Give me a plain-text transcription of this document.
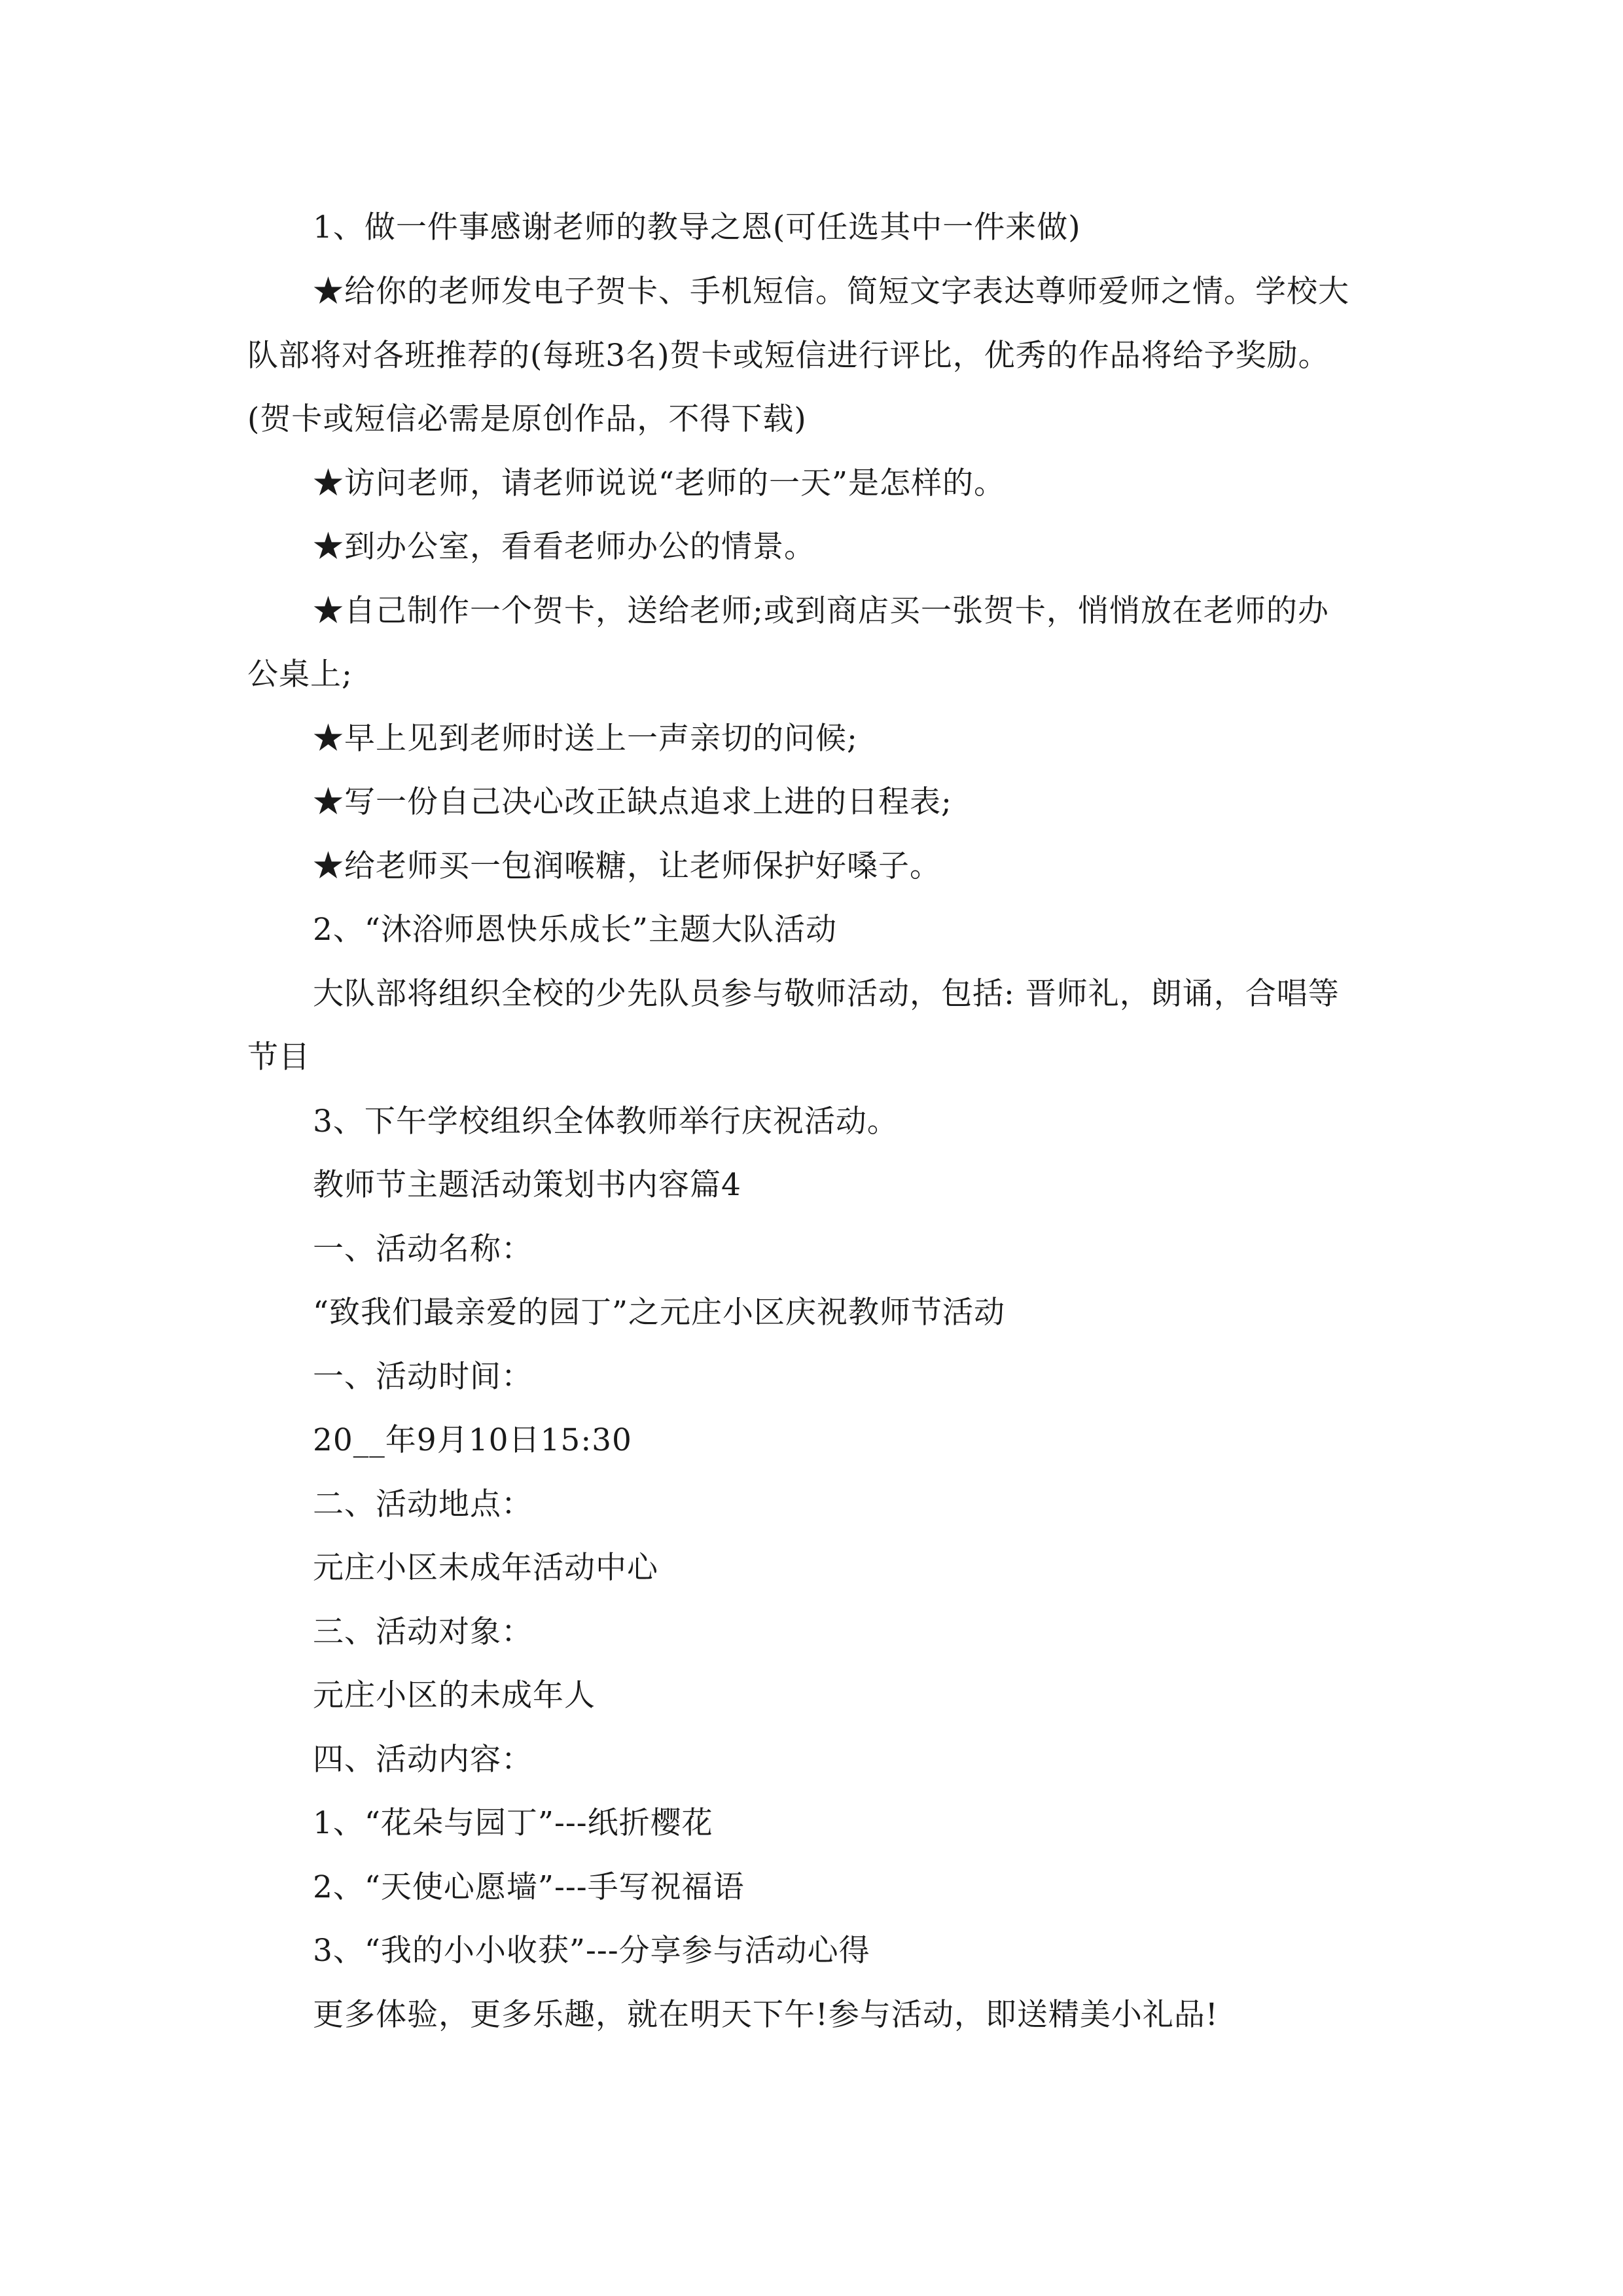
1、做一件事感谢老师的教导之恩(可任选其中一件来做)
★给你的老师发电子贺卡、手机短信。简短文字表达尊师爱师之情。学校大
队部将对各班推荐的(每班3名)贺卡或短信进行评比，优秀的作品将给予奖励。
(贺卡或短信必需是原创作品，不得下载)
★访问老师，请老师说说“老师的一天”是怎样的。
★到办公室，看看老师办公的情景。
★自己制作一个贺卡，送给老师;或到商店买一张贺卡，悄悄放在老师的办
公桌上;
★早上见到老师时送上一声亲切的问候;
★写一份自己决心改正缺点追求上进的日程表;
★给老师买一包润喉糖，让老师保护好嗓子。
2、“沐浴师恩快乐成长”主题大队活动
大队部将组织全校的少先队员参与敬师活动，包括: 晋师礼，朗诵，合唱等
节目
3、下午学校组织全体教师举行庆祝活动。
教师节主题活动策划书内容篇4
一、活动名称：
“致我们最亲爱的园丁”之元庄小区庆祝教师节活动
一、活动时间：
20__年9月10日15:30
二、活动地点：
元庄小区未成年活动中心
三、活动对象：
元庄小区的未成年人
四、活动内容：
1、“花朵与园丁”---纸折樱花
2、“天使心愿墙”---手写祝福语
3、“我的小小收获”---分享参与活动心得
更多体验，更多乐趣，就在明天下午!参与活动，即送精美小礼品!
